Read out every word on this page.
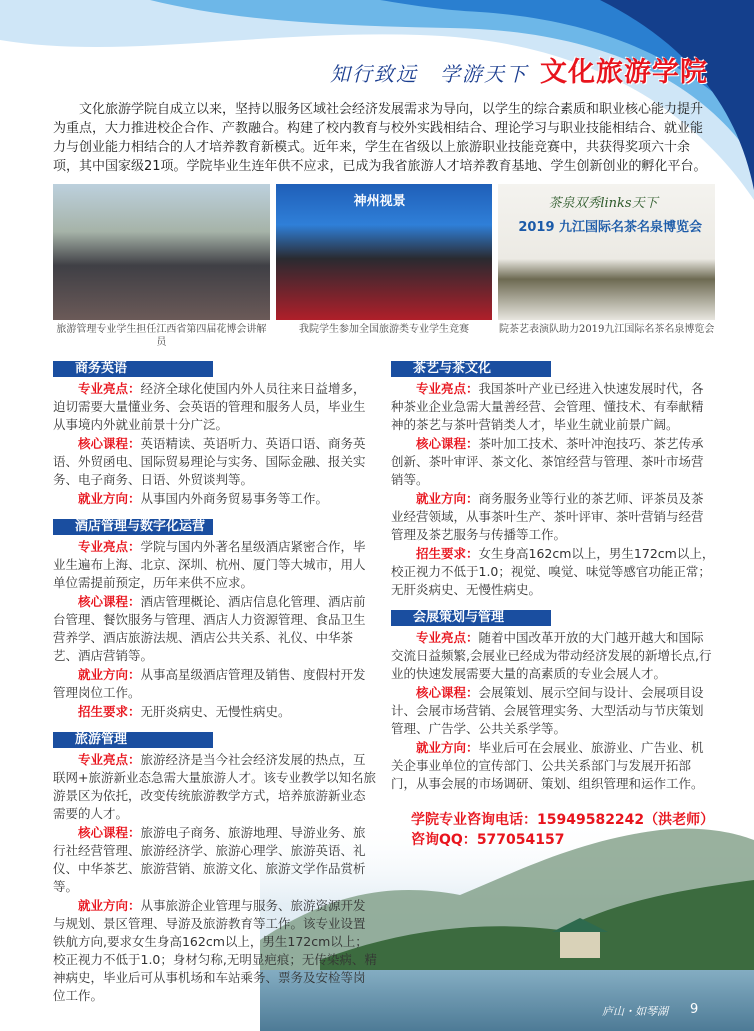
知行致远　学游天下 文化旅游学院

文化旅游学院自成立以来，坚持以服务区域社会经济发展需求为导向，以学生的综合素质和职业核心能力提升为重点，大力推进校企合作、产教融合。构建了校内教育与校外实践相结合、理论学习与职业技能相结合、就业能力与创业能力相结合的人才培养教育新模式。近年来，学生在省级以上旅游职业技能竞赛中，共获得奖项六十余项，其中国家级21项。学院毕业生连年供不应求，已成为我省旅游人才培养教育基地、学生创新创业的孵化平台。

旅游管理专业学生担任江西省第四届花博会讲解员
神州视景
我院学生参加全国旅游类专业学生竞赛
茶泉双秀links天下
2019 九江国际名茶名泉博览会
院茶艺表演队助力2019九江国际名茶名泉博览会
商务英语

专业亮点：经济全球化使国内外人员往来日益增多，迫切需要大量懂业务、会英语的管理和服务人员，毕业生从事境内外就业前景十分广泛。

核心课程：英语精读、英语听力、英语口语、商务英语、外贸函电、国际贸易理论与实务、国际金融、报关实务、电子商务、日语、外贸谈判等。

就业方向：从事国内外商务贸易事务等工作。

酒店管理与数字化运营

专业亮点：学院与国内外著名星级酒店紧密合作，毕业生遍布上海、北京、深圳、杭州、厦门等大城市，用人单位需提前预定，历年来供不应求。

核心课程：酒店管理概论、酒店信息化管理、酒店前台管理、餐饮服务与管理、酒店人力资源管理、食品卫生营养学、酒店旅游法规、酒店公共关系、礼仪、中华茶艺、酒店营销等。

就业方向：从事高星级酒店管理及销售、度假村开发管理岗位工作。

招生要求：无肝炎病史、无慢性病史。

旅游管理

专业亮点：旅游经济是当今社会经济发展的热点，互联网+旅游新业态急需大量旅游人才。该专业教学以知名旅游景区为依托，改变传统旅游教学方式，培养旅游新业态需要的人才。

核心课程：旅游电子商务、旅游地理、导游业务、旅行社经营管理、旅游经济学、旅游心理学、旅游英语、礼仪、中华茶艺、旅游营销、旅游文化、旅游文学作品赏析等。

就业方向：从事旅游企业管理与服务、旅游资源开发与规划、景区管理、导游及旅游教育等工作。该专业设置铁航方向,要求女生身高162cm以上，男生172cm以上；校正视力不低于1.0；身材匀称,无明显疤痕；无传染病、精神病史，毕业后可从事机场和车站乘务、票务及安检等岗位工作。

茶艺与茶文化

专业亮点：我国茶叶产业已经进入快速发展时代，各种茶业企业急需大量善经营、会管理、懂技术、有奉献精神的茶艺与茶叶营销类人才，毕业生就业前景广阔。

核心课程：茶叶加工技术、茶叶冲泡技巧、茶艺传承创新、茶叶审评、茶文化、茶馆经营与管理、茶叶市场营销等。

就业方向：商务服务业等行业的茶艺师、评茶员及茶业经营领域，从事茶叶生产、茶叶评审、茶叶营销与经营管理及茶艺服务与传播等工作。

招生要求：女生身高162cm以上，男生172cm以上，校正视力不低于1.0；视觉、嗅觉、味觉等感官功能正常；无肝炎病史、无慢性病史。

会展策划与管理

专业亮点：随着中国改革开放的大门越开越大和国际交流日益频繁,会展业已经成为带动经济发展的新增长点,行业的快速发展需要大量的高素质的专业会展人才。

核心课程：会展策划、展示空间与设计、会展项目设计、会展市场营销、会展管理实务、大型活动与节庆策划管理、广告学、公共关系学等。

就业方向：毕业后可在会展业、旅游业、广告业、机关企事业单位的宣传部门、公共关系部门与发展开拓部门，从事会展的市场调研、策划、组织管理和运作工作。

学院专业咨询电话：15949582242（洪老师）
咨询QQ：577054157
庐山・如琴湖 9
